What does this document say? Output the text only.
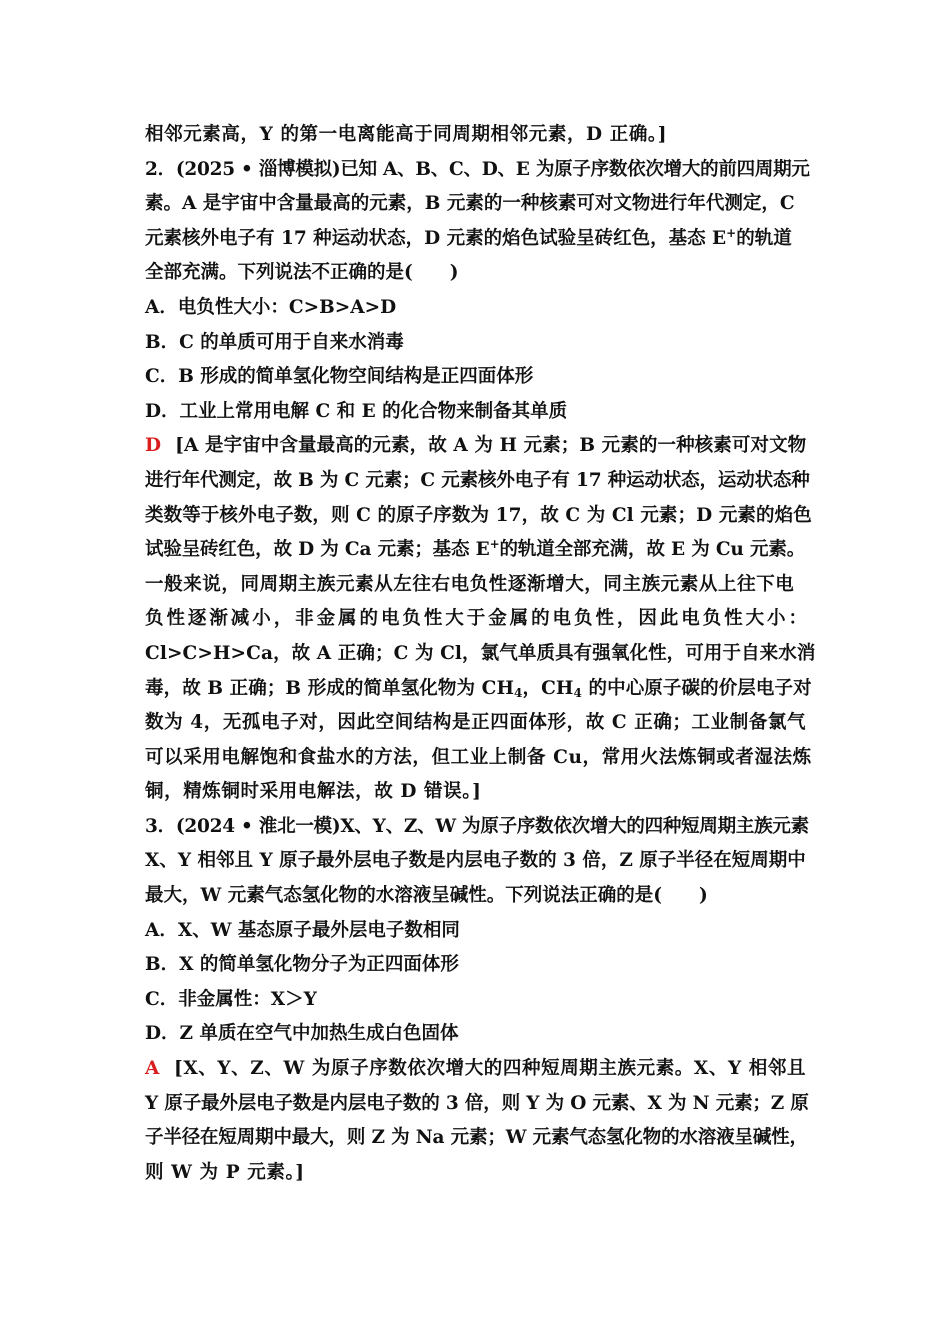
相邻元素高，Y 的第一电离能高于同周期相邻元素，D 正确。]
2．(2025 • 淄博模拟)已知 A、B、C、D、E 为原子序数依次增大的前四周期元
素。A 是宇宙中含量最高的元素，B 元素的一种核素可对文物进行年代测定，C
元素核外电子有 17 种运动状态，D 元素的焰色试验呈砖红色，基态 E+的轨道
全部充满。下列说法不正确的是(　　)
A．电负性大小：C>B>A>D
B．C 的单质可用于自来水消毒
C．B 形成的简单氢化物空间结构是正四面体形
D．工业上常用电解 C 和 E 的化合物来制备其单质
D [A 是宇宙中含量最高的元素，故 A 为 H 元素；B 元素的一种核素可对文物
进行年代测定，故 B 为 C 元素；C 元素核外电子有 17 种运动状态，运动状态种
类数等于核外电子数，则 C 的原子序数为 17，故 C 为 Cl 元素；D 元素的焰色
试验呈砖红色，故 D 为 Ca 元素；基态 E+的轨道全部充满，故 E 为 Cu 元素。
一般来说，同周期主族元素从左往右电负性逐渐增大，同主族元素从上往下电
负性逐渐减小，非金属的电负性大于金属的电负性，因此电负性大小：
Cl>C>H>Ca，故 A 正确；C 为 Cl，氯气单质具有强氧化性，可用于自来水消
毒，故 B 正确；B 形成的简单氢化物为 $CH_4$，$CH_4$ 的中心原子碳的价层电子对
数为 4，无孤电子对，因此空间结构是正四面体形，故 C 正确；工业制备氯气
可以采用电解饱和食盐水的方法，但工业上制备 Cu，常用火法炼铜或者湿法炼
铜，精炼铜时采用电解法，故 D 错误。]
3．(2024 • 淮北一模)X、Y、Z、W 为原子序数依次增大的四种短周期主族元素
X、Y 相邻且 Y 原子最外层电子数是内层电子数的 3 倍，Z 原子半径在短周期中
最大，W 元素气态氢化物的水溶液呈碱性。下列说法正确的是(　　)
A．X、W 基态原子最外层电子数相同
B．X 的简单氢化物分子为正四面体形
C．非金属性：X＞Y
D．Z 单质在空气中加热生成白色固体
A [X、Y、Z、W 为原子序数依次增大的四种短周期主族元素。X、Y 相邻且
Y 原子最外层电子数是内层电子数的 3 倍，则 Y 为 O 元素、X 为 N 元素；Z 原
子半径在短周期中最大，则 Z 为 Na 元素；W 元素气态氢化物的水溶液呈碱性，
则 W 为 P 元素。]
